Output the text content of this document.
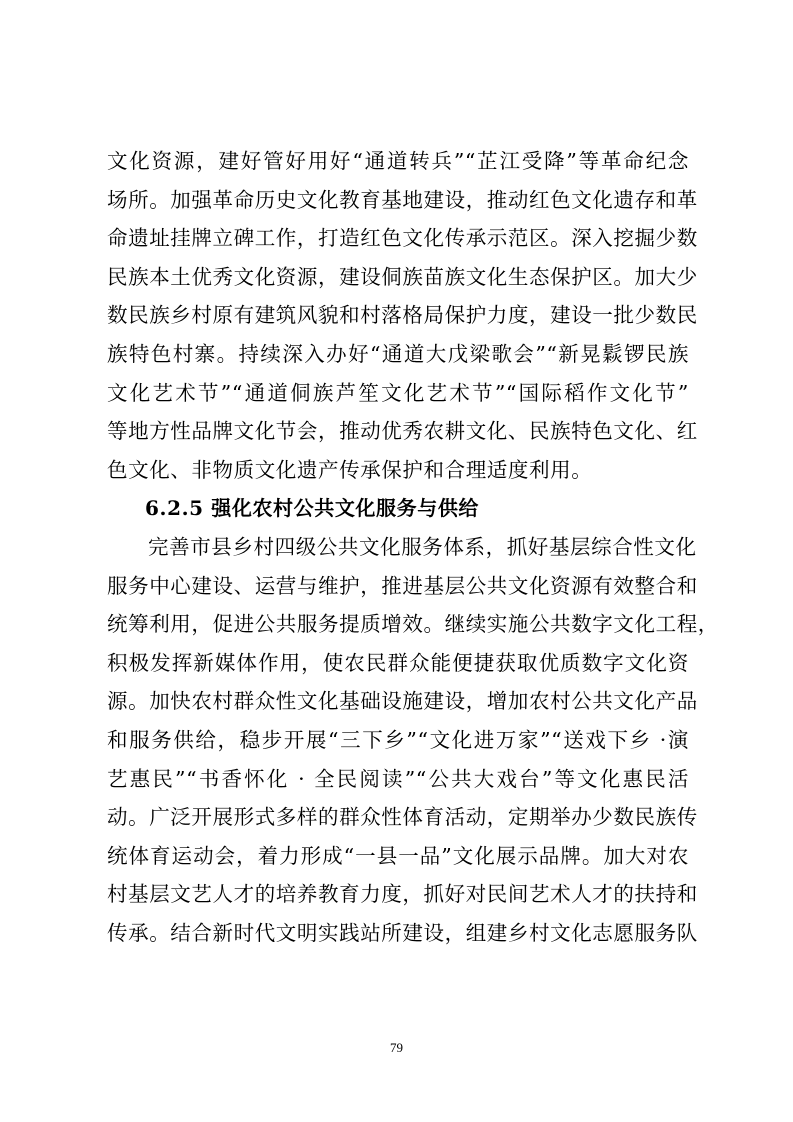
文化资源，建好管好用好“通道转兵”“芷江受降”等革命纪念
场所。加强革命历史文化教育基地建设，推动红色文化遗存和革
命遗址挂牌立碑工作，打造红色文化传承示范区。深入挖掘少数
民族本土优秀文化资源，建设侗族苗族文化生态保护区。加大少
数民族乡村原有建筑风貌和村落格局保护力度，建设一批少数民
族特色村寨。持续深入办好“通道大戊梁歌会”“新晃鬏锣民族
文化艺术节”“通道侗族芦笙文化艺术节”“国际稻作文化节”
等地方性品牌文化节会，推动优秀农耕文化、民族特色文化、红
色文化、非物质文化遗产传承保护和合理适度利用。
6.2.5 强化农村公共文化服务与供给
完善市县乡村四级公共文化服务体系，抓好基层综合性文化
服务中心建设、运营与维护，推进基层公共文化资源有效整合和
统筹利用，促进公共服务提质增效。继续实施公共数字文化工程，
积极发挥新媒体作用，使农民群众能便捷获取优质数字文化资
源。加快农村群众性文化基础设施建设，增加农村公共文化产品
和服务供给，稳步开展“三下乡”“文化进万家”“送戏下乡 ·演
艺惠民”“书香怀化 · 全民阅读”“公共大戏台”等文化惠民活
动。广泛开展形式多样的群众性体育活动，定期举办少数民族传
统体育运动会，着力形成“一县一品”文化展示品牌。加大对农
村基层文艺人才的培养教育力度，抓好对民间艺术人才的扶持和
传承。结合新时代文明实践站所建设，组建乡村文化志愿服务队
79
